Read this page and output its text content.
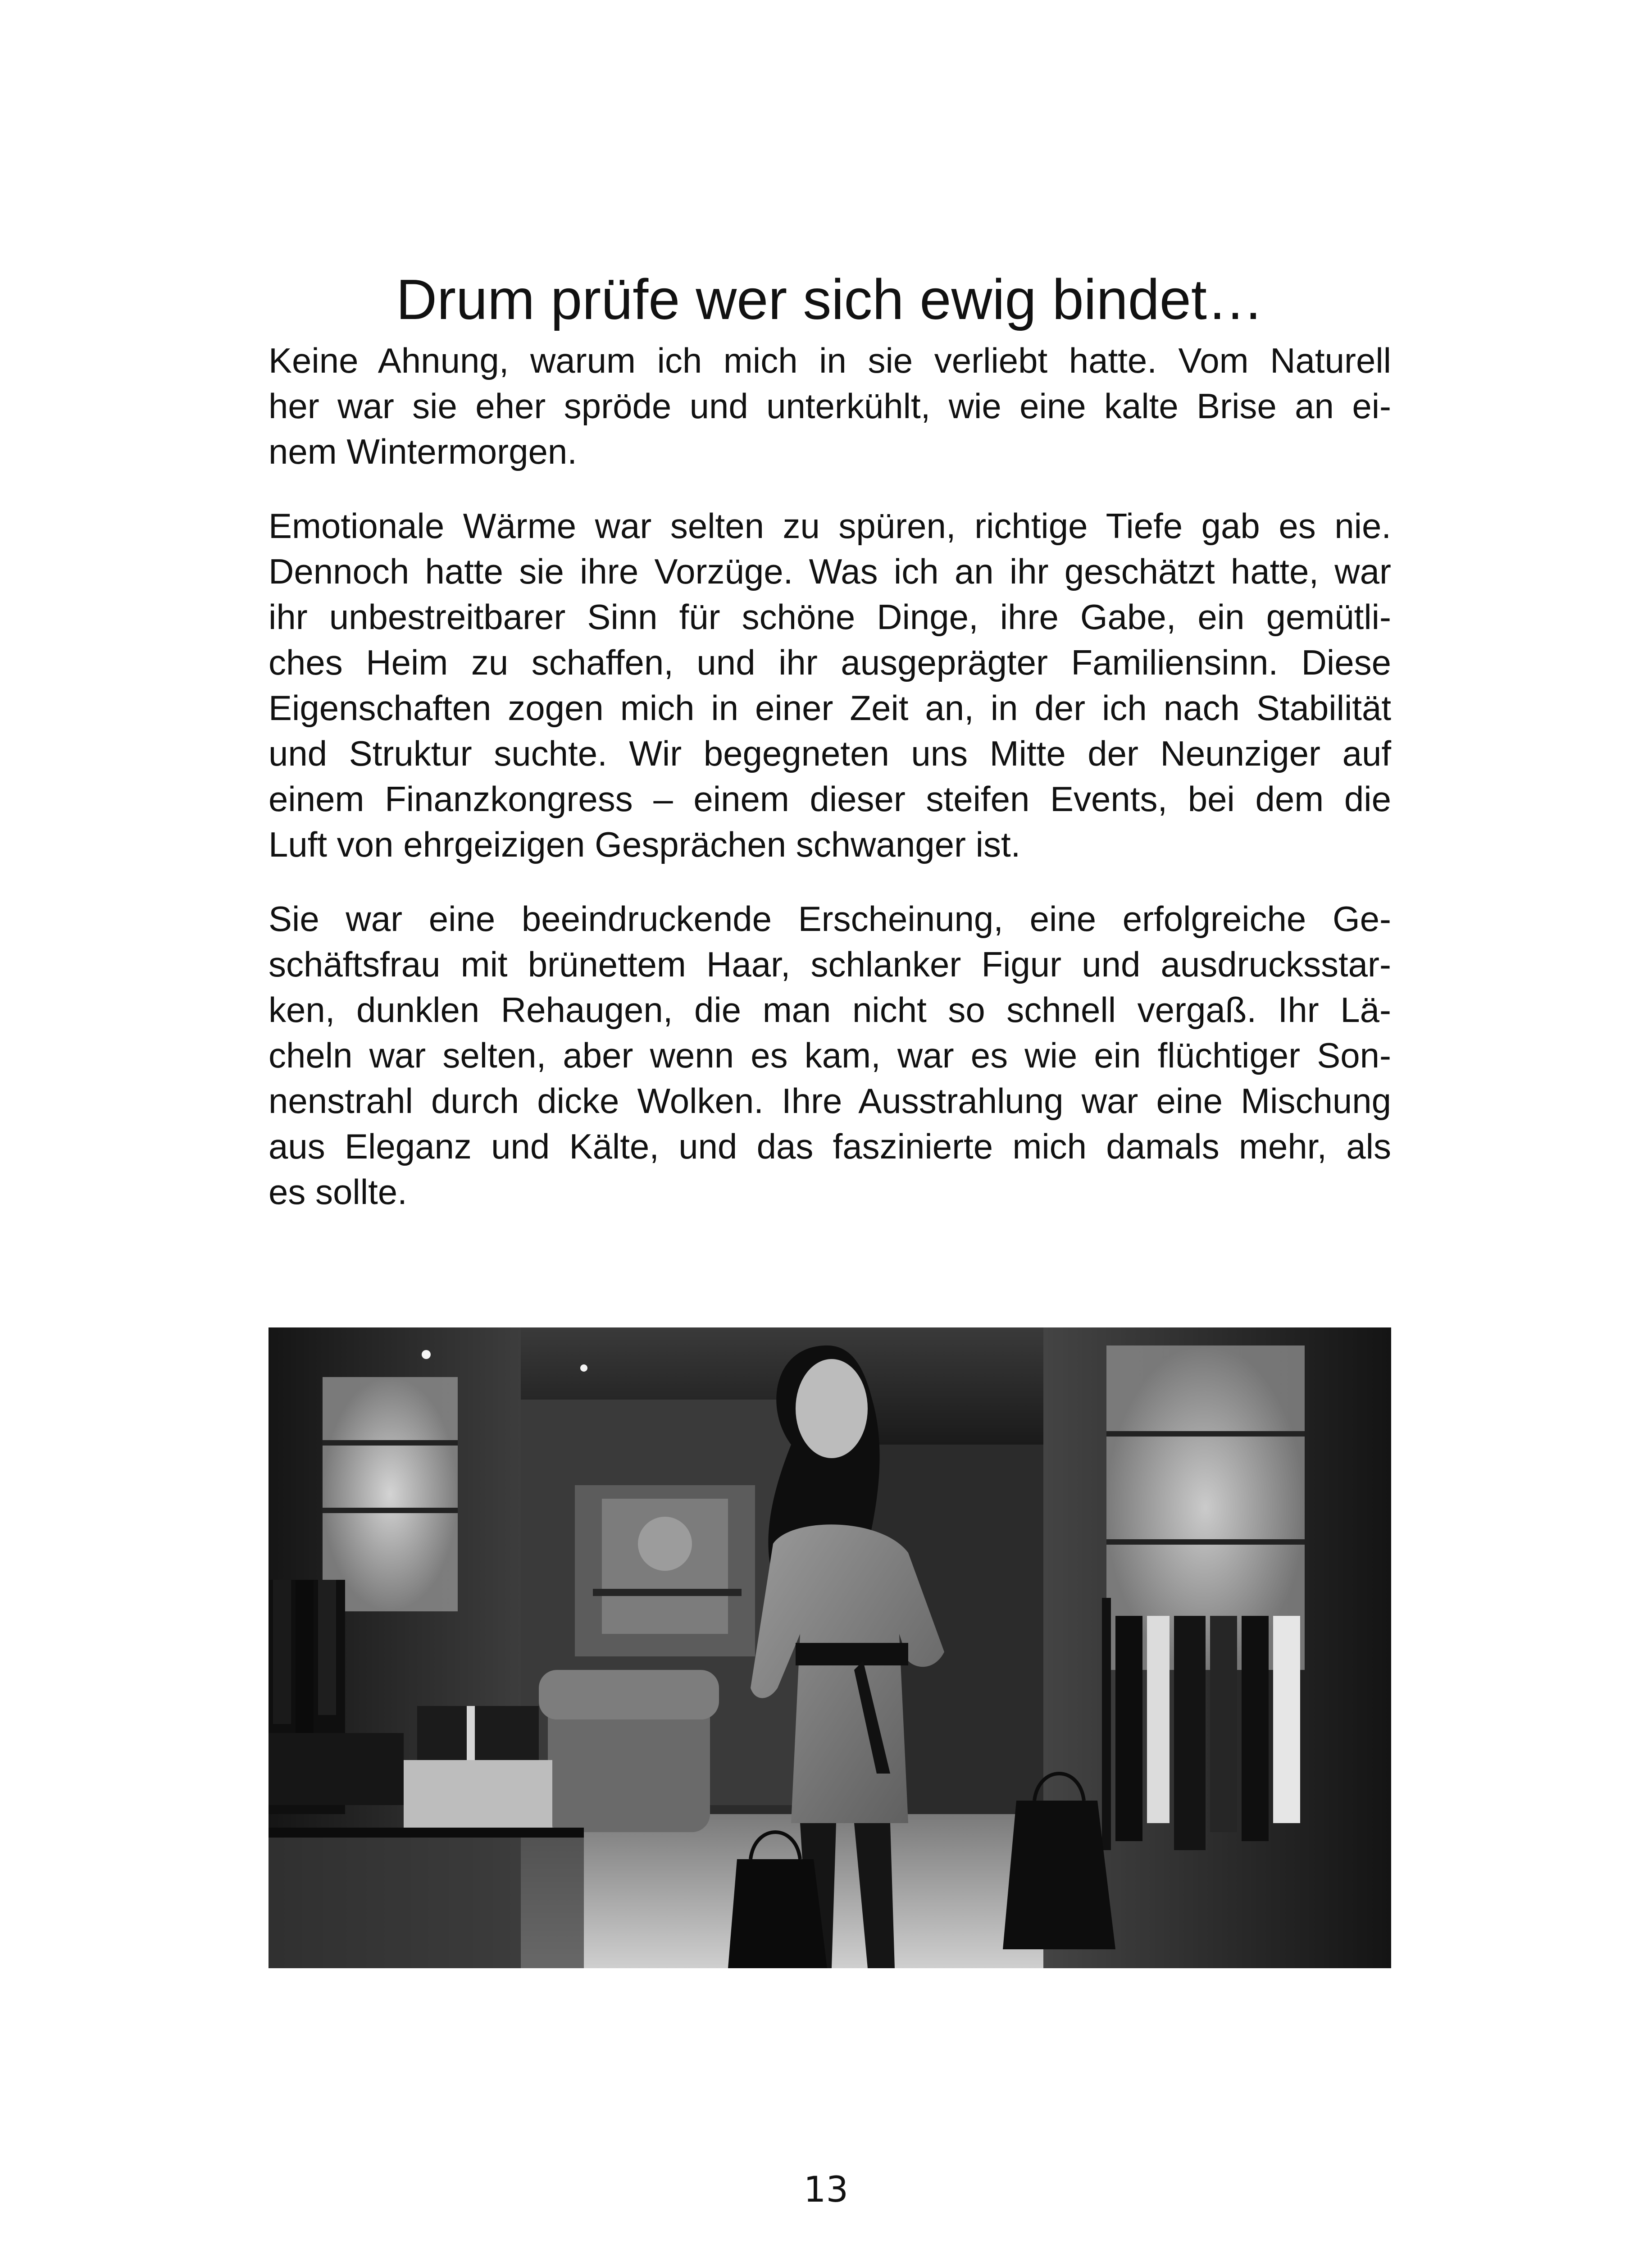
Drum prüfe wer sich ewig bindet…

Keine Ahnung, warum ich mich in sie verliebt hatte. Vom Naturell
her war sie eher spröde und unterkühlt, wie eine kalte Brise an ei-
nem Wintermorgen.

Emotionale Wärme war selten zu spüren, richtige Tiefe gab es nie.
Dennoch hatte sie ihre Vorzüge. Was ich an ihr geschätzt hatte, war
ihr unbestreitbarer Sinn für schöne Dinge, ihre Gabe, ein gemütli-
ches Heim zu schaffen, und ihr ausgeprägter Familiensinn. Diese
Eigenschaften zogen mich in einer Zeit an, in der ich nach Stabilität
und Struktur suchte. Wir begegneten uns Mitte der Neunziger auf
einem Finanzkongress – einem dieser steifen Events, bei dem die
Luft von ehrgeizigen Gesprächen schwanger ist.

Sie war eine beeindruckende Erscheinung, eine erfolgreiche Ge-
schäftsfrau mit brünettem Haar, schlanker Figur und ausdrucksstar-
ken, dunklen Rehaugen, die man nicht so schnell vergaß. Ihr Lä-
cheln war selten, aber wenn es kam, war es wie ein flüchtiger Son-
nenstrahl durch dicke Wolken. Ihre Ausstrahlung war eine Mischung
aus Eleganz und Kälte, und das faszinierte mich damals mehr, als
es sollte.

13
